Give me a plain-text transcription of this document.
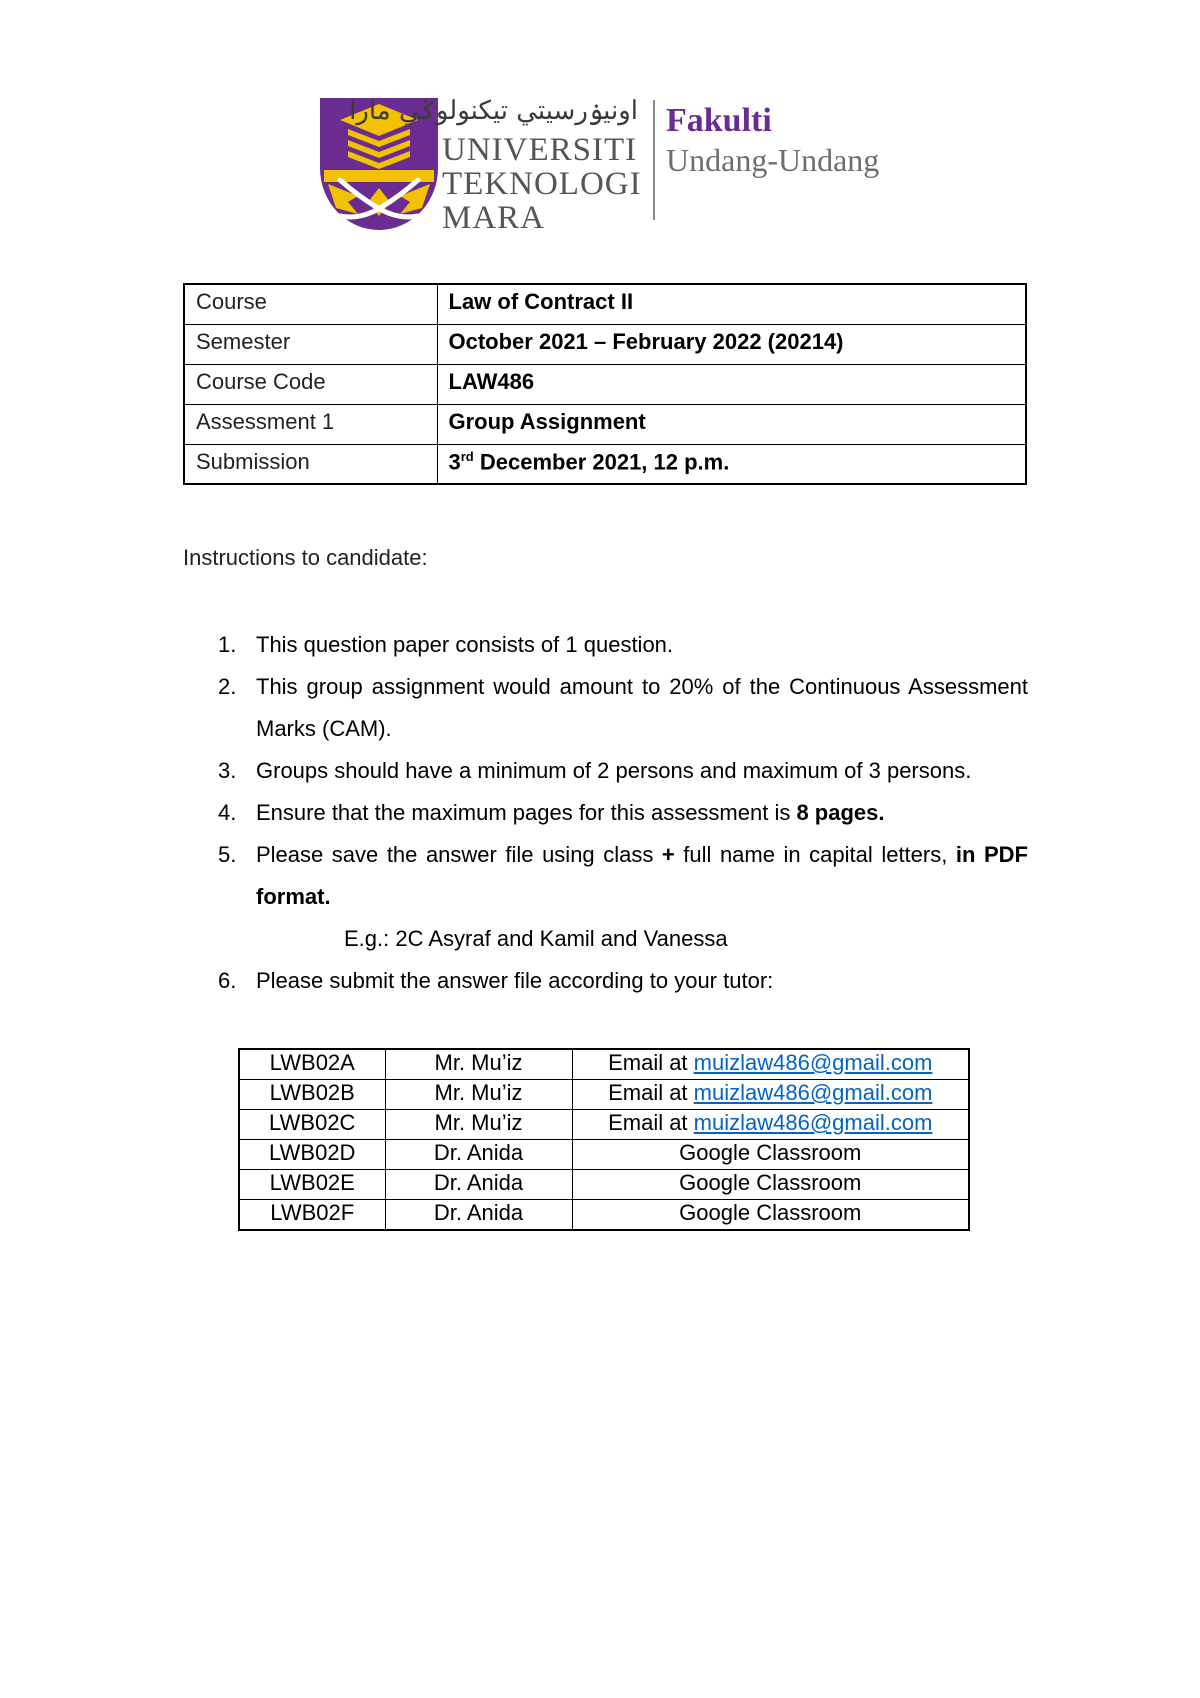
اونيۏرسيتي تيكنولوݢي مارا
UNIVERSITI
TEKNOLOGI
MARA
Fakulti
Undang-Undang
Course	Law of Contract II
Semester	October 2021 – February 2022 (20214)
Course Code	LAW486
Assessment 1	Group Assignment
Submission	3rd December 2021, 12 p.m.
Instructions to candidate:
1. This question paper consists of 1 question.
2. This group assignment would amount to 20% of the Continuous Assessment Marks (CAM).
3. Groups should have a minimum of 2 persons and maximum of 3 persons.
4. Ensure that the maximum pages for this assessment is 8 pages.
5. Please save the answer file using class + full name in capital letters, in PDF format.
E.g.: 2C Asyraf and Kamil and Vanessa
6. Please submit the answer file according to your tutor:
LWB02A	Mr. Mu’iz	Email at muizlaw486@gmail.com
LWB02B	Mr. Mu’iz	Email at muizlaw486@gmail.com
LWB02C	Mr. Mu’iz	Email at muizlaw486@gmail.com
LWB02D	Dr. Anida	Google Classroom
LWB02E	Dr. Anida	Google Classroom
LWB02F	Dr. Anida	Google Classroom
